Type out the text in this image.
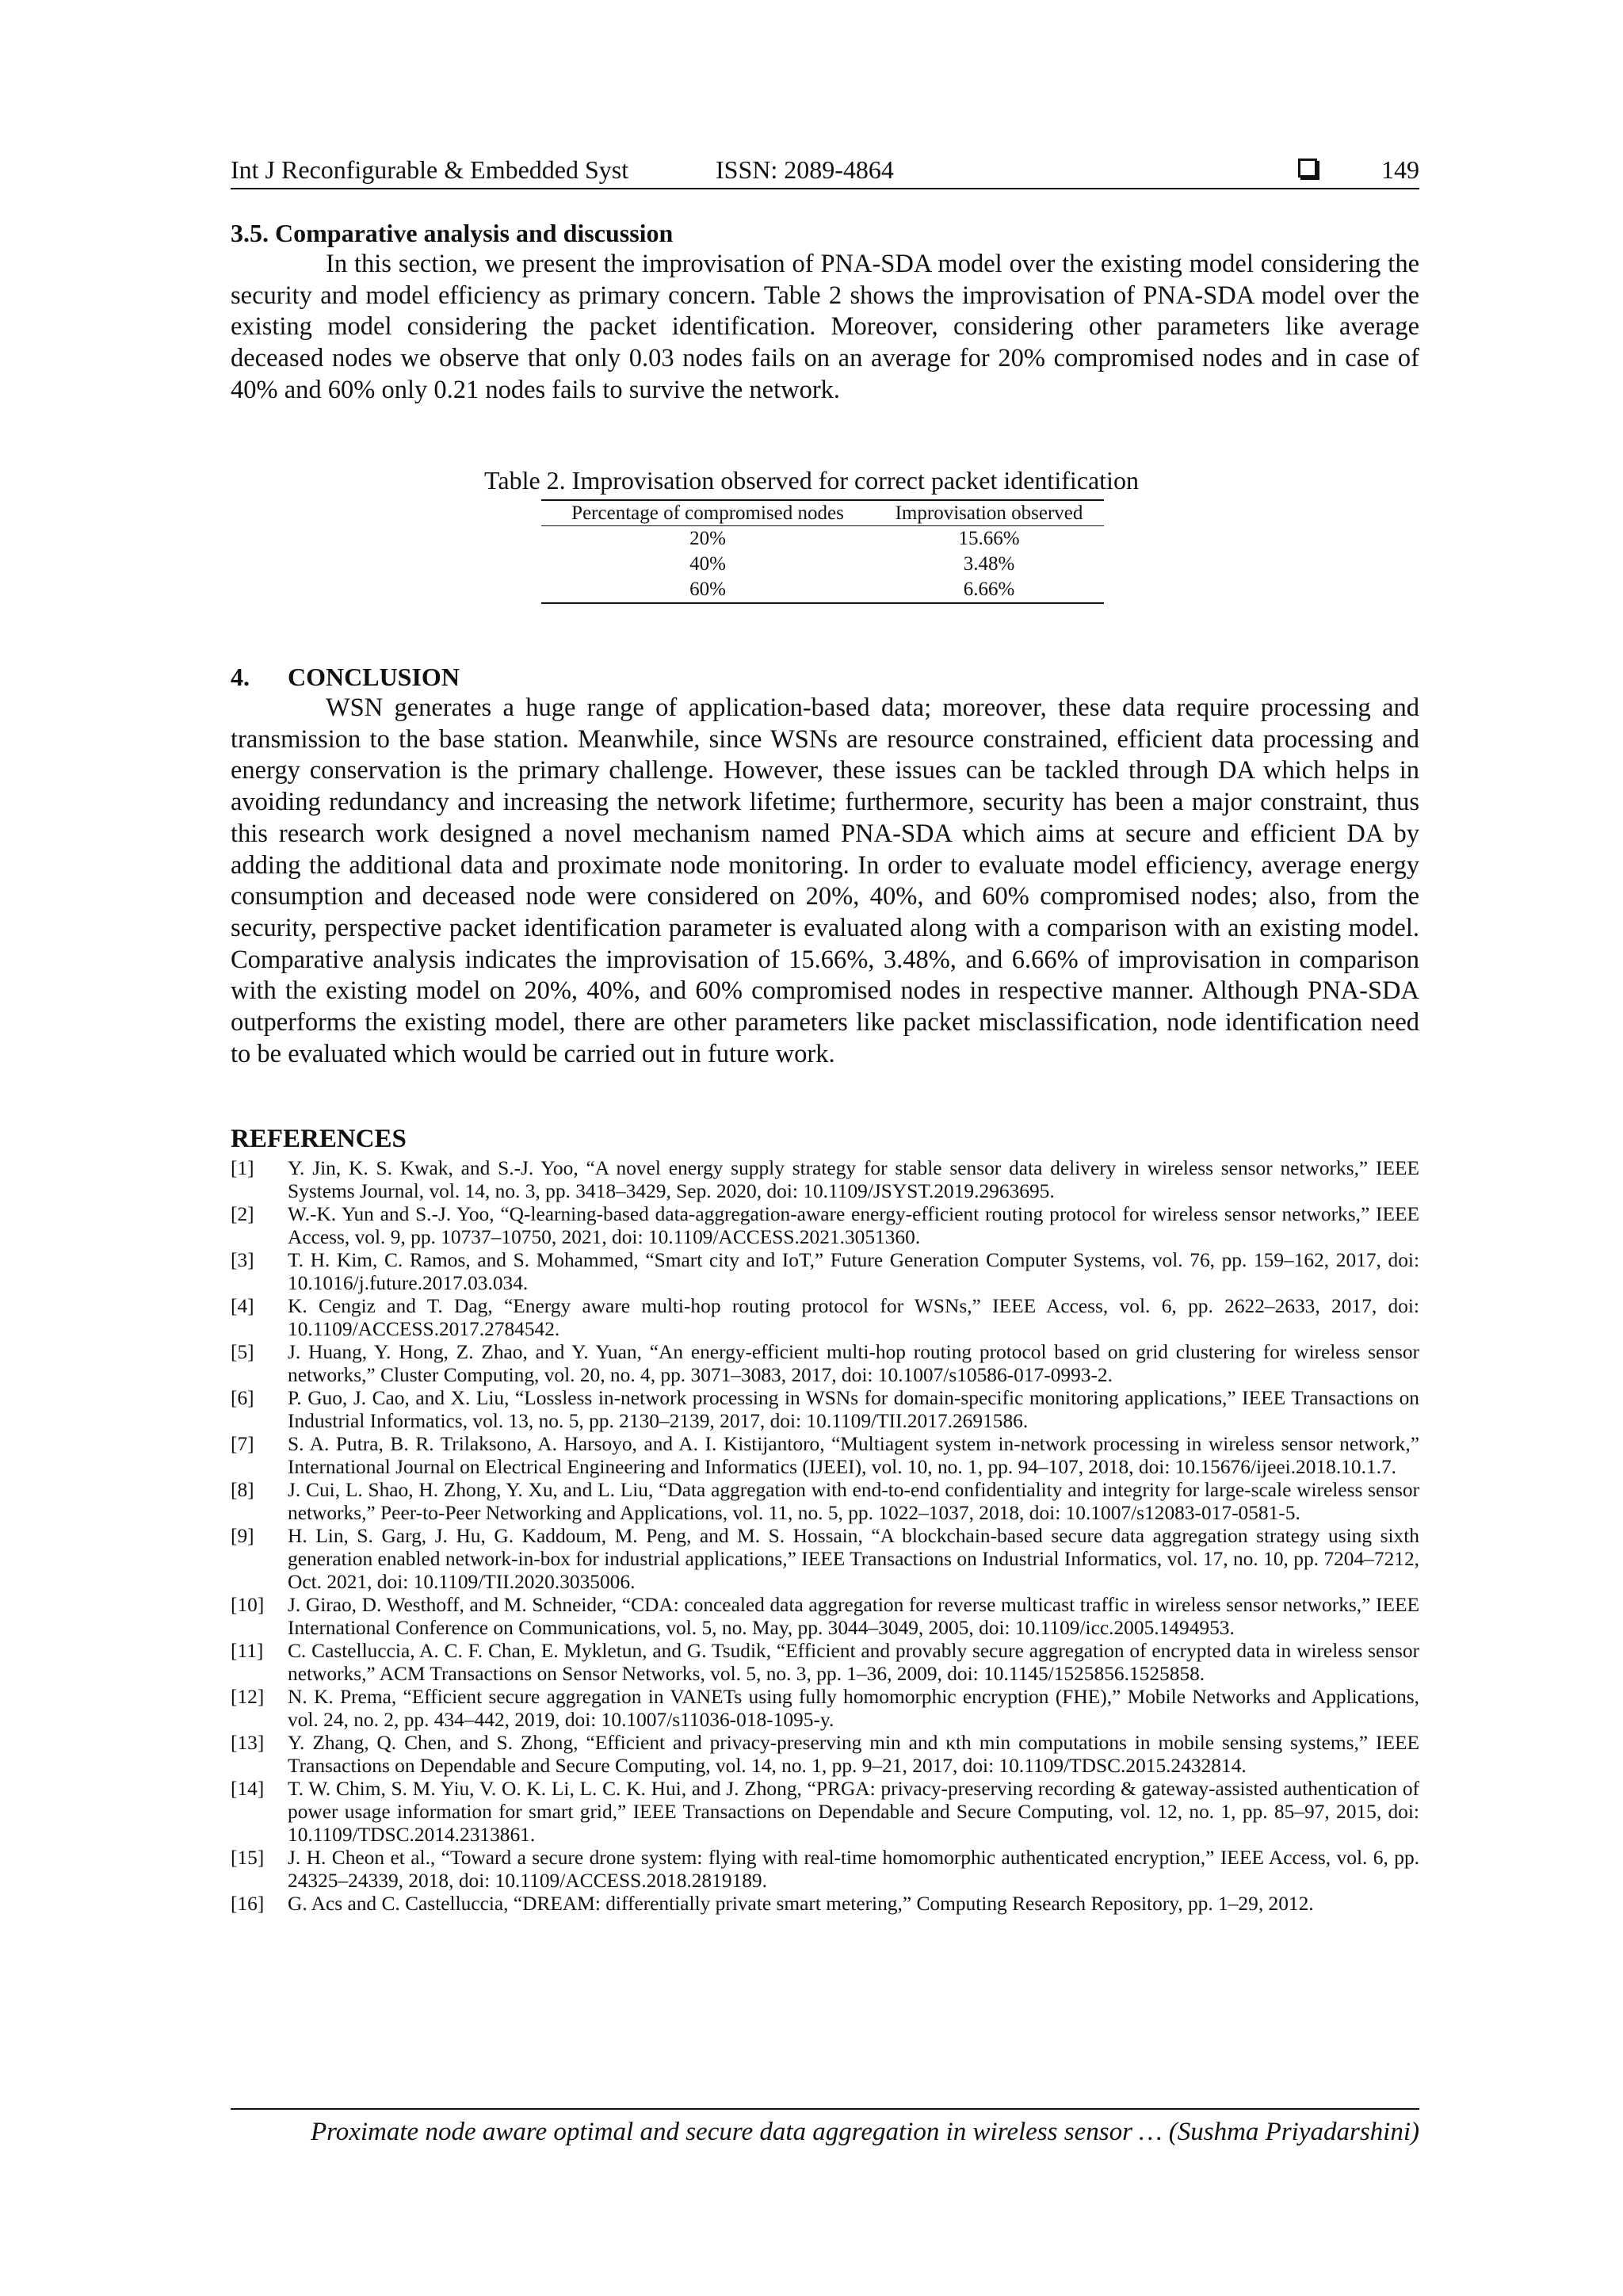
Int J Reconfigurable & Embedded Syst	ISSN: 2089-4864	149
3.5. Comparative analysis and discussion

In this section, we present the improvisation of PNA-SDA model over the existing model considering the security and model efficiency as primary concern. Table 2 shows the improvisation of PNA-SDA model over the existing model considering the packet identification. Moreover, considering other parameters like average deceased nodes we observe that only 0.03 nodes fails on an average for 20% compromised nodes and in case of 40% and 60% only 0.21 nodes fails to survive the network.

Table 2. Improvisation observed for correct packet identification
Percentage of compromised nodes	Improvisation observed
20%	15.66%
40%	3.48%
60%	6.66%
4.      CONCLUSION

WSN generates a huge range of application-based data; moreover, these data require processing and transmission to the base station. Meanwhile, since WSNs are resource constrained, efficient data processing and energy conservation is the primary challenge. However, these issues can be tackled through DA which helps in avoiding redundancy and increasing the network lifetime; furthermore, security has been a major constraint, thus this research work designed a novel mechanism named PNA-SDA which aims at secure and efficient DA by adding the additional data and proximate node monitoring. In order to evaluate model efficiency, average energy consumption and deceased node were considered on 20%, 40%, and 60% compromised nodes; also, from the security, perspective packet identification parameter is evaluated along with a comparison with an existing model. Comparative analysis indicates the improvisation of 15.66%, 3.48%, and 6.66% of improvisation in comparison with the existing model on 20%, 40%, and 60% compromised nodes in respective manner. Although PNA-SDA outperforms the existing model, there are other parameters like packet misclassification, node identification need to be evaluated which would be carried out in future work.

REFERENCES
[1] Y. Jin, K. S. Kwak, and S.-J. Yoo, “A novel energy supply strategy for stable sensor data delivery in wireless sensor networks,” IEEE Systems Journal, vol. 14, no. 3, pp. 3418–3429, Sep. 2020, doi: 10.1109/JSYST.2019.2963695.
[2] W.-K. Yun and S.-J. Yoo, “Q-learning-based data-aggregation-aware energy-efficient routing protocol for wireless sensor networks,” IEEE Access, vol. 9, pp. 10737–10750, 2021, doi: 10.1109/ACCESS.2021.3051360.
[3] T. H. Kim, C. Ramos, and S. Mohammed, “Smart city and IoT,” Future Generation Computer Systems, vol. 76, pp. 159–162, 2017, doi: 10.1016/j.future.2017.03.034.
[4] K. Cengiz and T. Dag, “Energy aware multi-hop routing protocol for WSNs,” IEEE Access, vol. 6, pp. 2622–2633, 2017, doi: 10.1109/ACCESS.2017.2784542.
[5] J. Huang, Y. Hong, Z. Zhao, and Y. Yuan, “An energy-efficient multi-hop routing protocol based on grid clustering for wireless sensor networks,” Cluster Computing, vol. 20, no. 4, pp. 3071–3083, 2017, doi: 10.1007/s10586-017-0993-2.
[6] P. Guo, J. Cao, and X. Liu, “Lossless in-network processing in WSNs for domain-specific monitoring applications,” IEEE Transactions on Industrial Informatics, vol. 13, no. 5, pp. 2130–2139, 2017, doi: 10.1109/TII.2017.2691586.
[7] S. A. Putra, B. R. Trilaksono, A. Harsoyo, and A. I. Kistijantoro, “Multiagent system in-network processing in wireless sensor network,” International Journal on Electrical Engineering and Informatics (IJEEI), vol. 10, no. 1, pp. 94–107, 2018, doi: 10.15676/ijeei.2018.10.1.7.
[8] J. Cui, L. Shao, H. Zhong, Y. Xu, and L. Liu, “Data aggregation with end-to-end confidentiality and integrity for large-scale wireless sensor networks,” Peer-to-Peer Networking and Applications, vol. 11, no. 5, pp. 1022–1037, 2018, doi: 10.1007/s12083-017-0581-5.
[9] H. Lin, S. Garg, J. Hu, G. Kaddoum, M. Peng, and M. S. Hossain, “A blockchain-based secure data aggregation strategy using sixth generation enabled network-in-box for industrial applications,” IEEE Transactions on Industrial Informatics, vol. 17, no. 10, pp. 7204–7212, Oct. 2021, doi: 10.1109/TII.2020.3035006.
[10] J. Girao, D. Westhoff, and M. Schneider, “CDA: concealed data aggregation for reverse multicast traffic in wireless sensor networks,” IEEE International Conference on Communications, vol. 5, no. May, pp. 3044–3049, 2005, doi: 10.1109/icc.2005.1494953.
[11] C. Castelluccia, A. C. F. Chan, E. Mykletun, and G. Tsudik, “Efficient and provably secure aggregation of encrypted data in wireless sensor networks,” ACM Transactions on Sensor Networks, vol. 5, no. 3, pp. 1–36, 2009, doi: 10.1145/1525856.1525858.
[12] N. K. Prema, “Efficient secure aggregation in VANETs using fully homomorphic encryption (FHE),” Mobile Networks and Applications, vol. 24, no. 2, pp. 434–442, 2019, doi: 10.1007/s11036-018-1095-y.
[13] Y. Zhang, Q. Chen, and S. Zhong, “Efficient and privacy-preserving min and κth min computations in mobile sensing systems,” IEEE Transactions on Dependable and Secure Computing, vol. 14, no. 1, pp. 9–21, 2017, doi: 10.1109/TDSC.2015.2432814.
[14] T. W. Chim, S. M. Yiu, V. O. K. Li, L. C. K. Hui, and J. Zhong, “PRGA: privacy-preserving recording & gateway-assisted authentication of power usage information for smart grid,” IEEE Transactions on Dependable and Secure Computing, vol. 12, no. 1, pp. 85–97, 2015, doi: 10.1109/TDSC.2014.2313861.
[15] J. H. Cheon et al., “Toward a secure drone system: flying with real-time homomorphic authenticated encryption,” IEEE Access, vol. 6, pp. 24325–24339, 2018, doi: 10.1109/ACCESS.2018.2819189.
[16] G. Acs and C. Castelluccia, “DREAM: differentially private smart metering,” Computing Research Repository, pp. 1–29, 2012.
Proximate node aware optimal and secure data aggregation in wireless sensor … (Sushma Priyadarshini)
